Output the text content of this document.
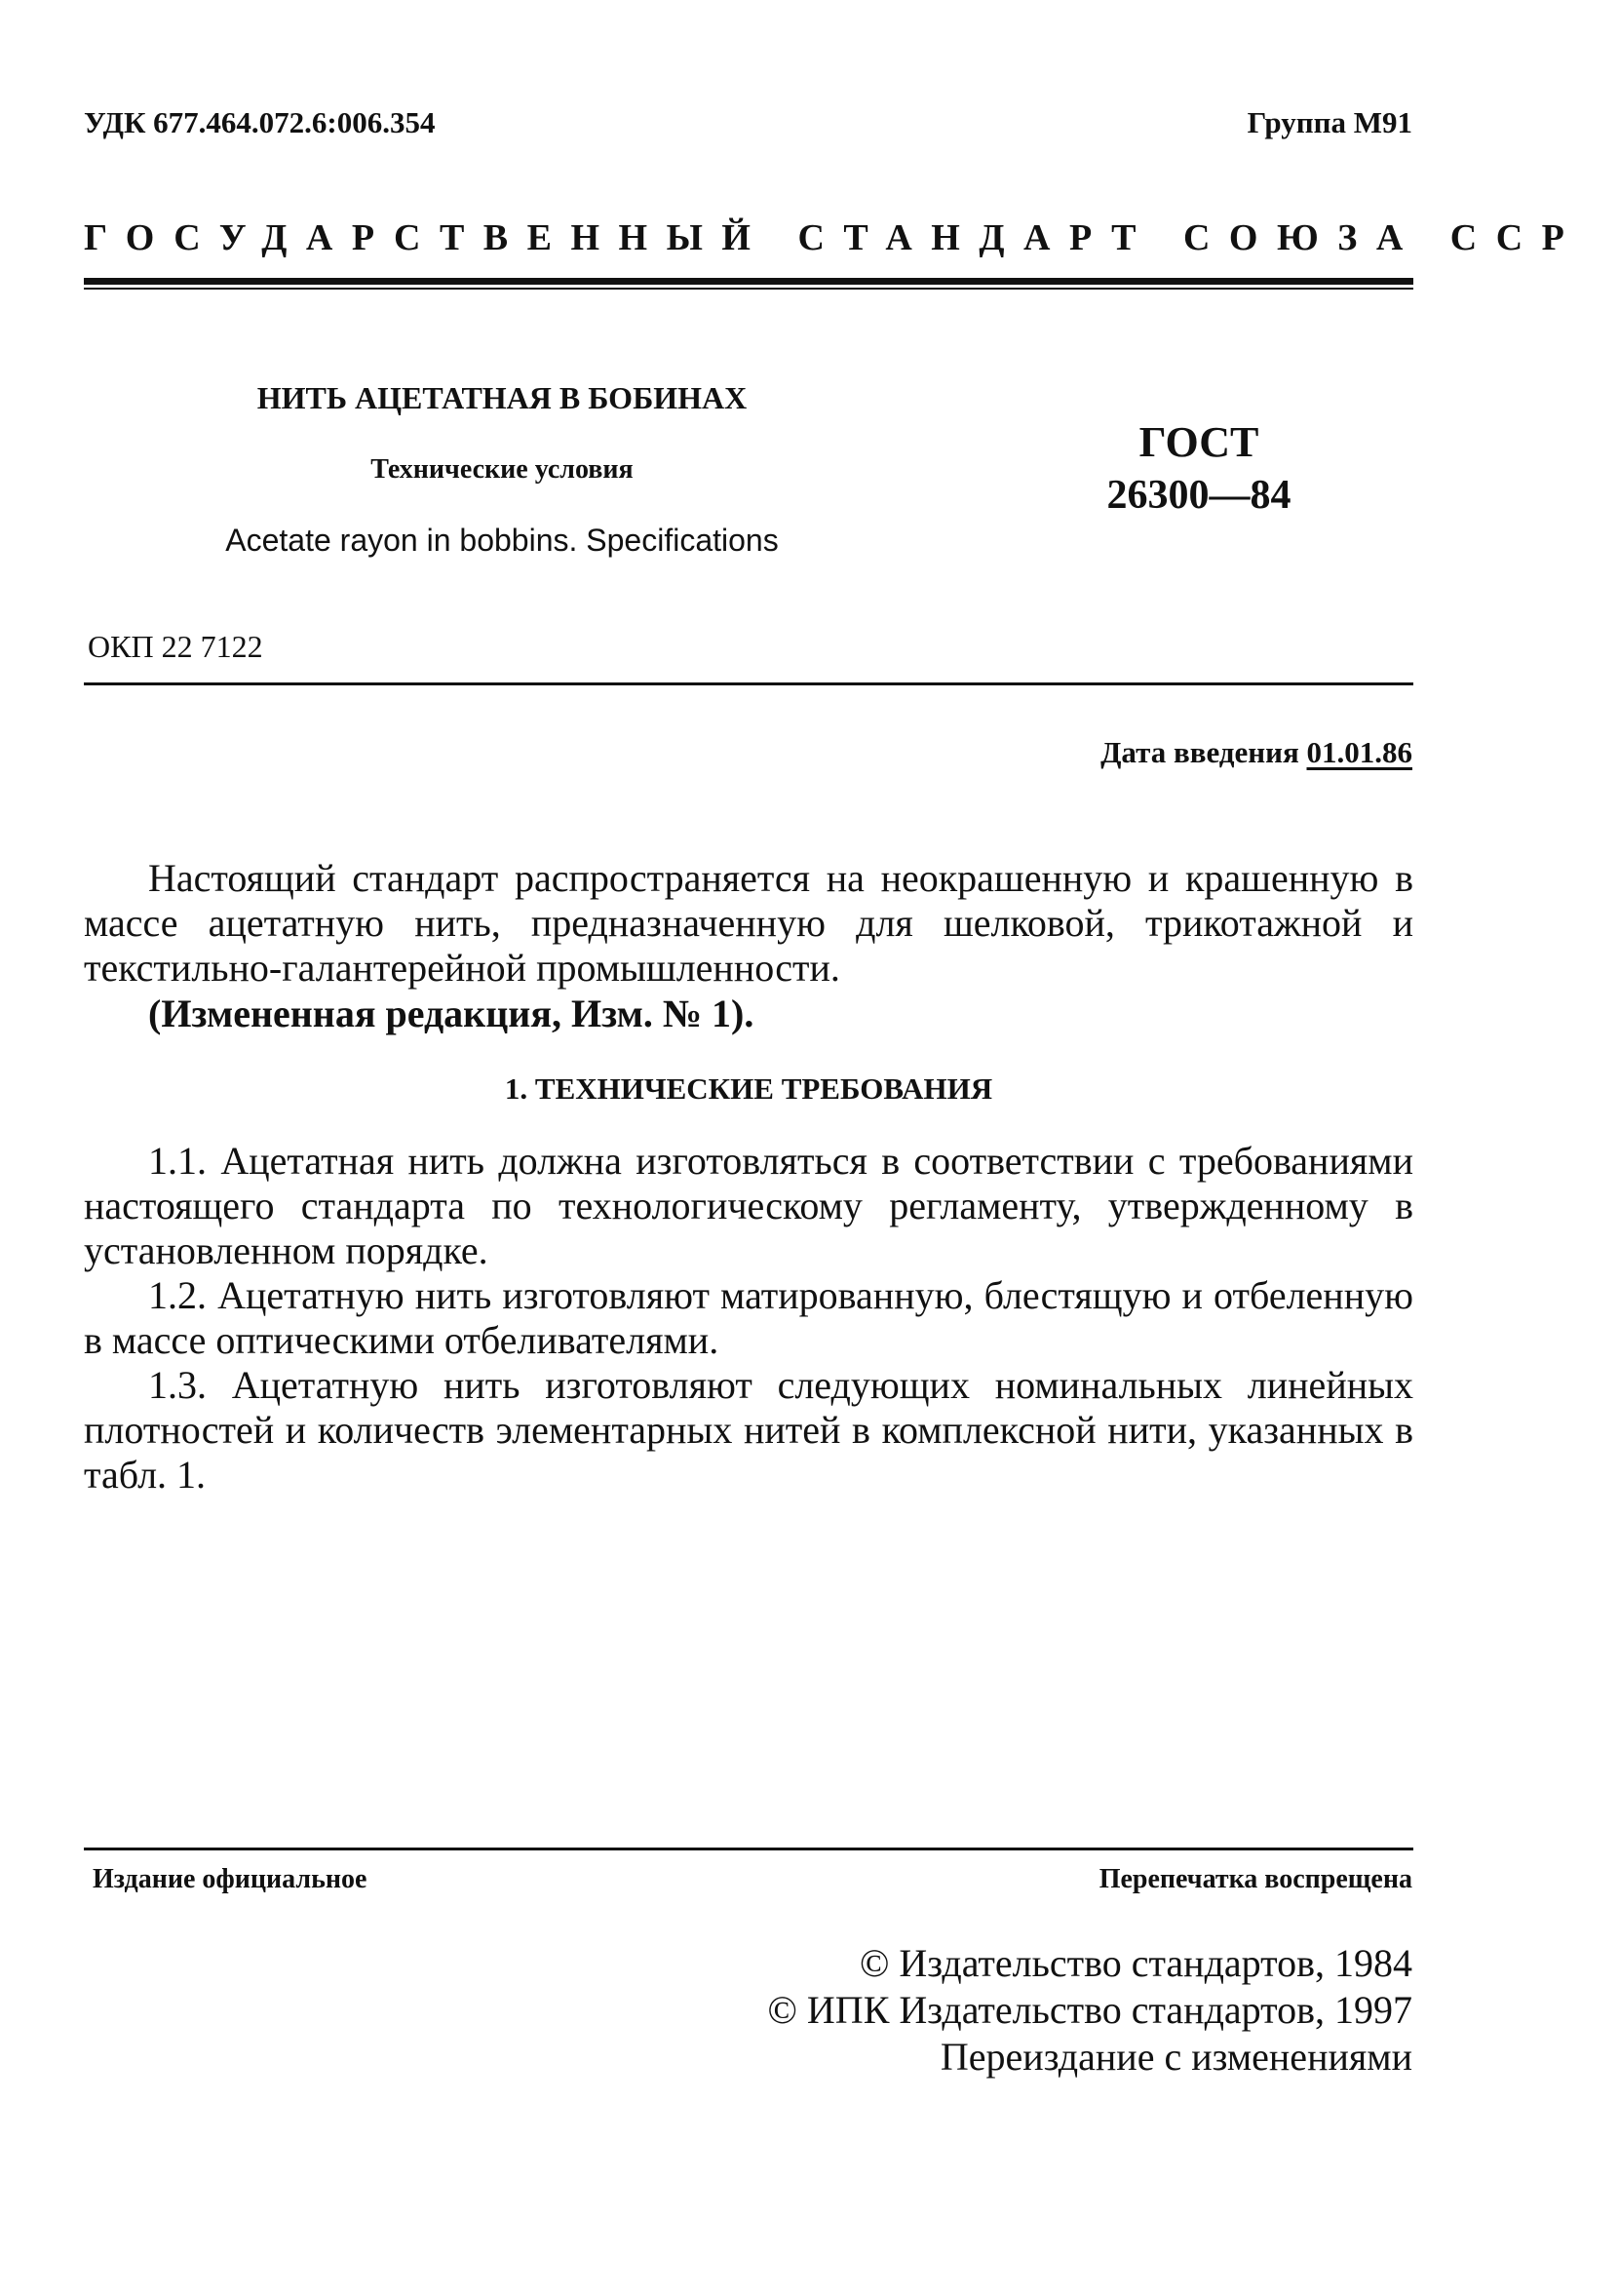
УДК 677.464.072.6:006.354	Группа М91

ГОСУДАРСТВЕННЫЙ СТАНДАРТ СОЮЗА ССР

НИТЬ АЦЕТАТНАЯ В БОБИНАХ

Технические условия

Acetate rayon in bobbins. Specifications

ГОСТ

26300—84

ОКП 22 7122

Дата введения 01.01.86

Настоящий стандарт распространяется на неокрашенную и крашенную в массе ацетатную нить, предназначенную для шелковой, трикотажной и текстильно-галантерейной промышленности.

(Измененная редакция, Изм. № 1).

1. ТЕХНИЧЕСКИЕ ТРЕБОВАНИЯ

1.1. Ацетатная нить должна изготовляться в соответствии с требованиями настоящего стандарта по технологическому регламенту, утвержденному в установленном порядке.

1.2. Ацетатную нить изготовляют матированную, блестящую и отбеленную в массе оптическими отбеливателями.

1.3. Ацетатную нить изготовляют следующих номинальных линейных плотностей и количеств элементарных нитей в комплексной нити, указанных в табл. 1.

Издание официальное	Перепечатка воспрещена

© Издательство стандартов, 1984
© ИПК Издательство стандартов, 1997
Переиздание с изменениями
